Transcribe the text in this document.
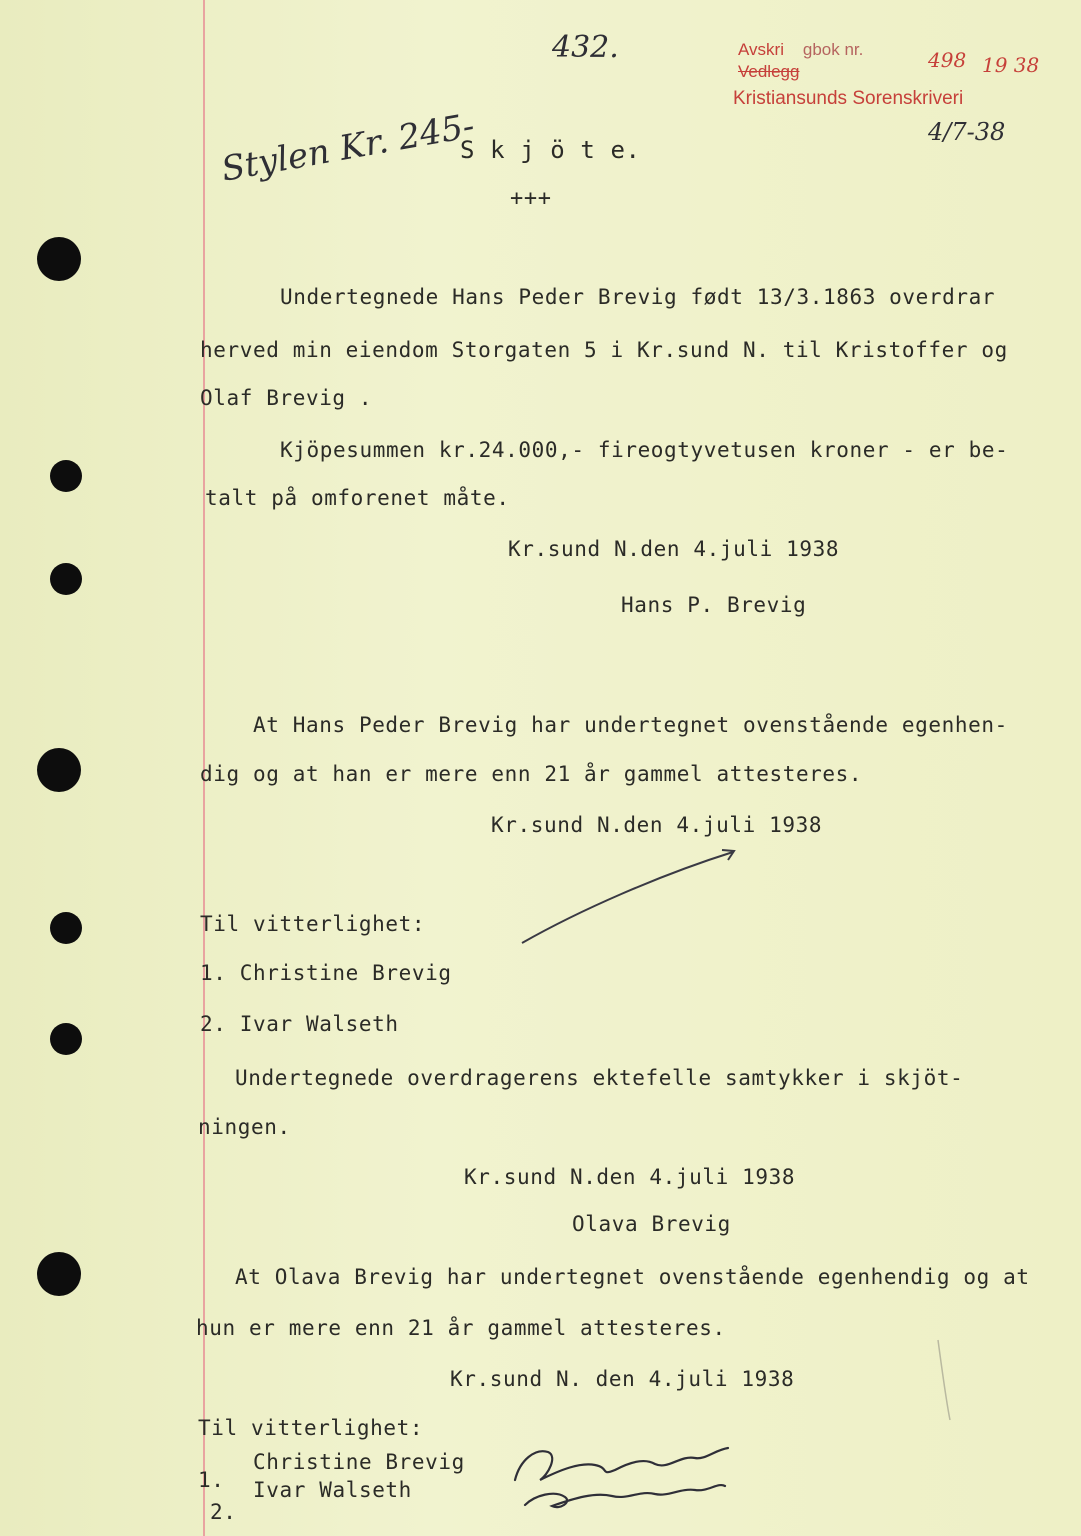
432.	Avskri gbok nr.	498 19 38
Vedlegg
Kristiansunds Sorenskriveri
4/7-38
Stylen Kr. 245-
S k j ö t e.
+++
Undertegnede Hans Peder Brevig født 13/3.1863 overdrar
herved min eiendom Storgaten 5 i Kr.sund N. til Kristoffer og
Olaf Brevig .
Kjöpesummen kr.24.000,- fireogtyvetusen kroner - er be-
talt på omforenet måte.
Kr.sund N.den 4.juli 1938
Hans P. Brevig
At Hans Peder Brevig har undertegnet ovenstående egenhen-
dig og at han er mere enn 21 år gammel attesteres.
Kr.sund N.den 4.juli 1938
Til vitterlighet:
1. Christine Brevig
2. Ivar Walseth
Undertegnede overdragerens ektefelle samtykker i skjöt-
ningen.
Kr.sund N.den 4.juli 1938
Olava Brevig
At Olava Brevig har undertegnet ovenstående egenhendig og at
hun er mere enn 21 år gammel attesteres.
Kr.sund N. den 4.juli 1938
Til vitterlighet:
Christine Brevig
Ivar Walseth
1.
2.
